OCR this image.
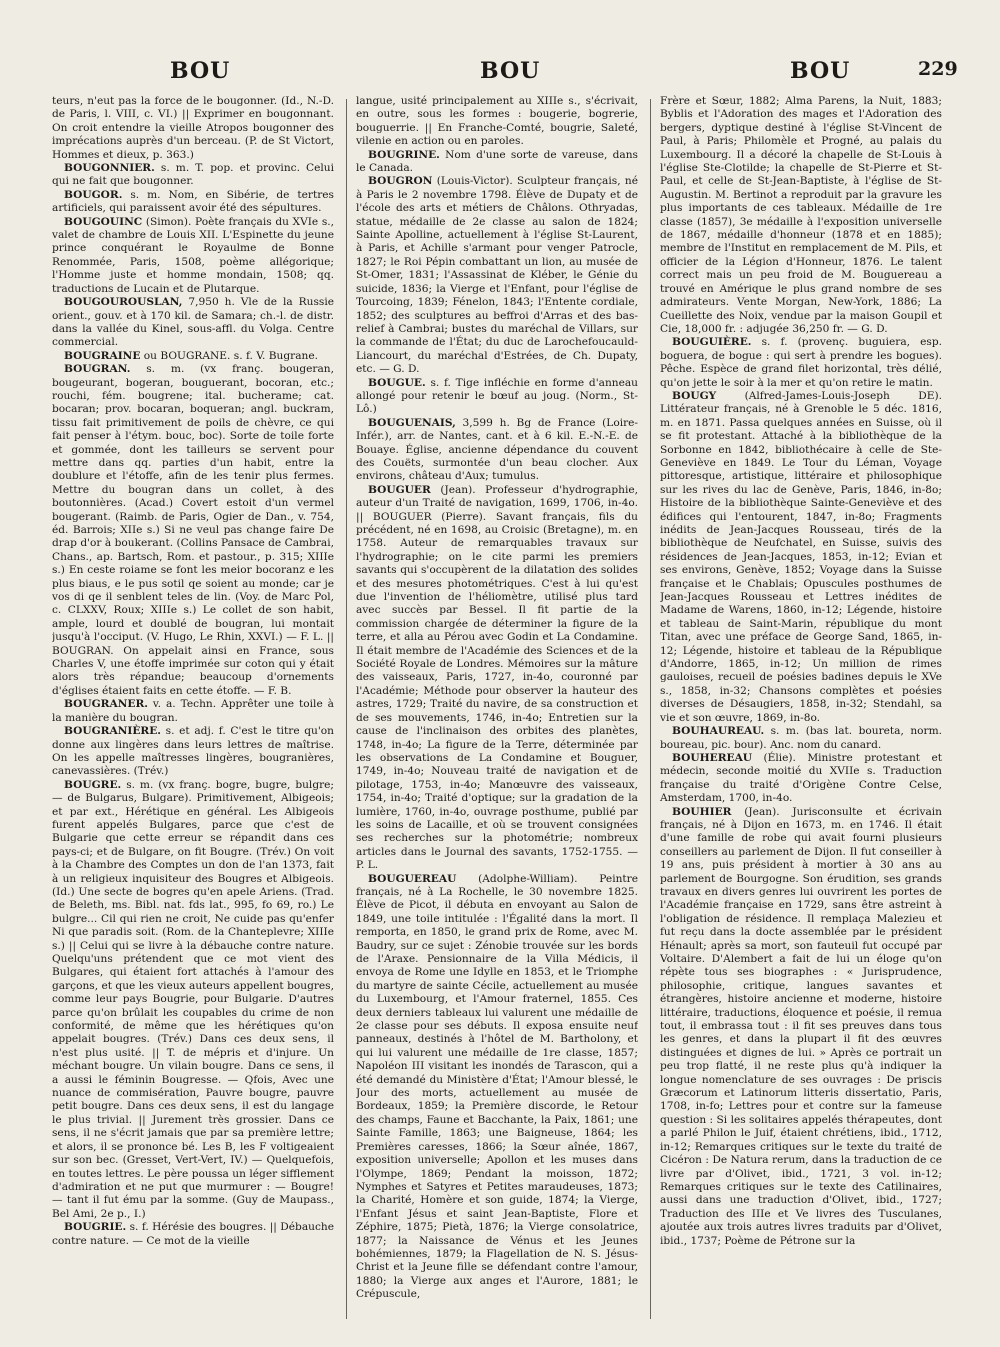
BOU	BOU	BOU	229

teurs, n'eut pas la force de le bougonner. (Id., N.-D. de Paris, l. VIII, c. VI.) || Exprimer en bougonnant. On croit entendre la vieille Atropos bougonner des imprécations auprès d'un berceau. (P. de St Victort, Hommes et dieux, p. 363.)

BOUGONNIER. s. m. T. pop. et provinc. Celui qui ne fait que bougonner.

BOUGOR. s. m. Nom, en Sibérie, de tertres artificiels, qui paraissent avoir été des sépultures.

BOUGOUINC (Simon). Poète français du XVIe s., valet de chambre de Louis XII. L'Espinette du jeune prince conquérant le Royaulme de Bonne Renommée, Paris, 1508, poème allégorique; l'Homme juste et homme mondain, 1508; qq. traductions de Lucain et de Plutarque.

BOUGOUROUSLAN, 7,950 h. Vle de la Russie orient., gouv. et à 170 kil. de Samara; ch.-l. de distr. dans la vallée du Kinel, sous-affl. du Volga. Centre commercial.

BOUGRAINE ou BOUGRANE. s. f. V. Bugrane.

BOUGRAN. s. m. (vx franç. bougeran, bougeurant, bogeran, bouguerant, bocoran, etc.; rouchi, fém. bougrene; ital. bucherame; cat. bocaran; prov. bocaran, boqueran; angl. buckram, tissu fait primitivement de poils de chèvre, ce qui fait penser à l'étym. bouc, boc). Sorte de toile forte et gommée, dont les tailleurs se servent pour mettre dans qq. parties d'un habit, entre la doublure et l'étoffe, afin de les tenir plus fermes. Mettre du bougran dans un collet, à des boutonnières. (Acad.) Covert estoit d'un vermel bougerant. (Raimb. de Paris, Ogier de Dan., v. 754, éd. Barrois; XIIe s.) Si ne veul pas change faire De drap d'or à boukerant. (Collins Pansace de Cambrai, Chans., ap. Bartsch, Rom. et pastour., p. 315; XIIIe s.) En ceste roiame se font les meior bocoranz e les plus biaus, e le pus sotil qe soient au monde; car je vos di qe il senblent teles de lin. (Voy. de Marc Pol, c. CLXXV, Roux; XIIIe s.) Le collet de son habit, ample, lourd et doublé de bougran, lui montait jusqu'à l'occiput. (V. Hugo, Le Rhin, XXVI.) — F. L. || BOUGRAN. On appelait ainsi en France, sous Charles V, une étoffe imprimée sur coton qui y était alors très répandue; beaucoup d'ornements d'églises étaient faits en cette étoffe. — F. B.

BOUGRANER. v. a. Techn. Apprêter une toile à la manière du bougran.

BOUGRANIÈRE. s. et adj. f. C'est le titre qu'on donne aux lingères dans leurs lettres de maîtrise. On les appelle maîtresses lingères, bougranières, canevassières. (Trév.)

BOUGRE. s. m. (vx franç. bogre, bugre, bulgre; — de Bulgarus, Bulgare). Primitivement, Albigeois; et par ext., Hérétique en général. Les Albigeois furent appelés Bulgares, parce que c'est de Bulgarie que cette erreur se répandit dans ces pays-ci; et de Bulgare, on fit Bougre. (Trév.) On voit à la Chambre des Comptes un don de l'an 1373, fait à un religieux inquisiteur des Bougres et Albigeois. (Id.) Une secte de bogres qu'en apele Ariens. (Trad. de Beleth, ms. Bibl. nat. fds lat., 995, fo 69, ro.) Le bulgre... Cil qui rien ne croit, Ne cuide pas qu'enfer Ni que paradis soit. (Rom. de la Chanteplevre; XIIIe s.) || Celui qui se livre à la débauche contre nature. Quelqu'uns prétendent que ce mot vient des Bulgares, qui étaient fort attachés à l'amour des garçons, et que les vieux auteurs appellent bougres, comme leur pays Bougrie, pour Bulgarie. D'autres parce qu'on brûlait les coupables du crime de non conformité, de même que les hérétiques qu'on appelait bougres. (Trév.) Dans ces deux sens, il n'est plus usité. || T. de mépris et d'injure. Un méchant bougre. Un vilain bougre. Dans ce sens, il a aussi le féminin Bougresse. — Qfois, Avec une nuance de commisération, Pauvre bougre, pauvre petit bougre. Dans ces deux sens, il est du langage le plus trivial. || Jurement très grossier. Dans ce sens, il ne s'écrit jamais que par sa première lettre; et alors, il se prononce bé. Les B, les F voltigeaient sur son bec. (Gresset, Vert-Vert, IV.) — Quelquefois, en toutes lettres. Le père poussa un léger sifflement d'admiration et ne put que murmurer : — Bougre! — tant il fut ému par la somme. (Guy de Maupass., Bel Ami, 2e p., I.)

BOUGRIE. s. f. Hérésie des bougres. || Débauche contre nature. — Ce mot de la vieille

langue, usité principalement au XIIIe s., s'écrivait, en outre, sous les formes : bougerie, bogrerie, bouguerrie. || En Franche-Comté, bougrie, Saleté, vilenie en action ou en paroles.

BOUGRINE. Nom d'une sorte de vareuse, dans le Canada.

BOUGRON (Louis-Victor). Sculpteur français, né à Paris le 2 novembre 1798. Élève de Dupaty et de l'école des arts et métiers de Châlons. Othryadas, statue, médaille de 2e classe au salon de 1824; Sainte Apolline, actuellement à l'église St-Laurent, à Paris, et Achille s'armant pour venger Patrocle, 1827; le Roi Pépin combattant un lion, au musée de St-Omer, 1831; l'Assassinat de Kléber, le Génie du suicide, 1836; la Vierge et l'Enfant, pour l'église de Tourcoing, 1839; Fénelon, 1843; l'Entente cordiale, 1852; des sculptures au beffroi d'Arras et des bas-relief à Cambrai; bustes du maréchal de Villars, sur la commande de l'État; du duc de Larochefoucauld-Liancourt, du maréchal d'Estrées, de Ch. Dupaty, etc. — G. D.

BOUGUE. s. f. Tige infléchie en forme d'anneau allongé pour retenir le bœuf au joug. (Norm., St-Lô.)

BOUGUENAIS, 3,599 h. Bg de France (Loire-Infér.), arr. de Nantes, cant. et à 6 kil. E.-N.-E. de Bouaye. Église, ancienne dépendance du couvent des Couëts, surmontée d'un beau clocher. Aux environs, château d'Aux; tumulus.

BOUGUER (Jean). Professeur d'hydrographie, auteur d'un Traité de navigation, 1699, 1706, in-4o. || BOUGUER (Pierre). Savant français, fils du précédent, né en 1698, au Croisic (Bretagne), m. en 1758. Auteur de remarquables travaux sur l'hydrographie; on le cite parmi les premiers savants qui s'occupèrent de la dilatation des solides et des mesures photométriques. C'est à lui qu'est due l'invention de l'héliomètre, utilisé plus tard avec succès par Bessel. Il fit partie de la commission chargée de déterminer la figure de la terre, et alla au Pérou avec Godin et La Condamine. Il était membre de l'Académie des Sciences et de la Société Royale de Londres. Mémoires sur la mâture des vaisseaux, Paris, 1727, in-4o, couronné par l'Académie; Méthode pour observer la hauteur des astres, 1729; Traité du navire, de sa construction et de ses mouvements, 1746, in-4o; Entretien sur la cause de l'inclinaison des orbites des planètes, 1748, in-4o; La figure de la Terre, déterminée par les observations de La Condamine et Bouguer, 1749, in-4o; Nouveau traité de navigation et de pilotage, 1753, in-4o; Manœuvre des vaisseaux, 1754, in-4o; Traité d'optique; sur la gradation de la lumière, 1760, in-4o, ouvrage posthume, publié par les soins de Lacaille, et où se trouvent consignées ses recherches sur la photométrie; nombreux articles dans le Journal des savants, 1752-1755. — P. L.

BOUGUEREAU (Adolphe-William). Peintre français, né à La Rochelle, le 30 novembre 1825. Élève de Picot, il débuta en envoyant au Salon de 1849, une toile intitulée : l'Égalité dans la mort. Il remporta, en 1850, le grand prix de Rome, avec M. Baudry, sur ce sujet : Zénobie trouvée sur les bords de l'Araxe. Pensionnaire de la Villa Médicis, il envoya de Rome une Idylle en 1853, et le Triomphe du martyre de sainte Cécile, actuellement au musée du Luxembourg, et l'Amour fraternel, 1855. Ces deux derniers tableaux lui valurent une médaille de 2e classe pour ses débuts. Il exposa ensuite neuf panneaux, destinés à l'hôtel de M. Bartholony, et qui lui valurent une médaille de 1re classe, 1857; Napoléon III visitant les inondés de Tarascon, qui a été demandé du Ministère d'État; l'Amour blessé, le Jour des morts, actuellement au musée de Bordeaux, 1859; la Première discorde, le Retour des champs, Faune et Bacchante, la Paix, 1861; une Sainte Famille, 1863; une Baigneuse, 1864; les Premières caresses, 1866; la Sœur aînée, 1867, exposition universelle; Apollon et les muses dans l'Olympe, 1869; Pendant la moisson, 1872; Nymphes et Satyres et Petites maraudeuses, 1873; la Charité, Homère et son guide, 1874; la Vierge, l'Enfant Jésus et saint Jean-Baptiste, Flore et Zéphire, 1875; Pietà, 1876; la Vierge consolatrice, 1877; la Naissance de Vénus et les Jeunes bohémiennes, 1879; la Flagellation de N. S. Jésus-Christ et la Jeune fille se défendant contre l'amour, 1880; la Vierge aux anges et l'Aurore, 1881; le Crépuscule,

Frère et Sœur, 1882; Alma Parens, la Nuit, 1883; Byblis et l'Adoration des mages et l'Adoration des bergers, dyptique destiné à l'église St-Vincent de Paul, à Paris; Philomèle et Progné, au palais du Luxembourg. Il a décoré la chapelle de St-Louis à l'église Ste-Clotilde; la chapelle de St-Pierre et St-Paul, et celle de St-Jean-Baptiste, à l'église de St-Augustin. M. Bertinot a reproduit par la gravure les plus importants de ces tableaux. Médaille de 1re classe (1857), 3e médaille à l'exposition universelle de 1867, médaille d'honneur (1878 et en 1885); membre de l'Institut en remplacement de M. Pils, et officier de la Légion d'Honneur, 1876. Le talent correct mais un peu froid de M. Bouguereau a trouvé en Amérique le plus grand nombre de ses admirateurs. Vente Morgan, New-York, 1886; La Cueillette des Noix, vendue par la maison Goupil et Cie, 18,000 fr. : adjugée 36,250 fr. — G. D.

BOUGUIÈRE. s. f. (provenç. buguiera, esp. boguera, de bogue : qui sert à prendre les bogues). Pêche. Espèce de grand filet horizontal, très délié, qu'on jette le soir à la mer et qu'on retire le matin.

BOUGY	(Alfred-James-Louis-Joseph DE). Littérateur français, né à Grenoble le 5 déc. 1816, m. en 1871. Passa quelques années en Suisse, où il se fit protestant. Attaché à la bibliothèque de la Sorbonne en 1842, bibliothécaire à celle de Ste-Geneviève en 1849. Le Tour du Léman, Voyage pittoresque, artistique, littéraire et philosophique sur les rives du lac de Genève, Paris, 1846, in-8o; Histoire de la bibliothèque Sainte-Geneviève et des édifices qui l'entourent, 1847, in-8o; Fragments inédits de Jean-Jacques Rousseau, tirés de la bibliothèque de Neufchatel, en Suisse, suivis des résidences de Jean-Jacques, 1853, in-12; Evian et ses environs, Genève, 1852; Voyage dans la Suisse française et le Chablais; Opuscules posthumes de Jean-Jacques Rousseau et Lettres inédites de Madame de Warens, 1860, in-12; Légende, histoire et tableau de Saint-Marin, république du mont Titan, avec une préface de George Sand, 1865, in-12; Légende, histoire et tableau de la République d'Andorre, 1865, in-12; Un million de rimes gauloises, recueil de poésies badines depuis le XVe s., 1858, in-32; Chansons complètes et poésies diverses de Désaugiers, 1858, in-32; Stendahl, sa vie et son œuvre, 1869, in-8o.

BOUHAUREAU. s. m. (bas lat. boureta, norm. boureau, pic. bour). Anc. nom du canard.

BOUHEREAU (Élie). Ministre protestant et médecin, seconde moitié du XVIIe s. Traduction française du traité d'Origène Contre Celse, Amsterdam, 1700, in-4o.

BOUHIER (Jean). Jurisconsulte et écrivain français, né à Dijon en 1673, m. en 1746. Il était d'une famille de robe qui avait fourni plusieurs conseillers au parlement de Dijon. Il fut conseiller à 19 ans, puis président à mortier à 30 ans au parlement de Bourgogne. Son érudition, ses grands travaux en divers genres lui ouvrirent les portes de l'Académie française en 1729, sans être astreint à l'obligation de résidence. Il remplaça Malezieu et fut reçu dans la docte assemblée par le président Hénault; après sa mort, son fauteuil fut occupé par Voltaire. D'Alembert a fait de lui un éloge qu'on répète tous ses biographes : « Jurisprudence, philosophie, critique, langues savantes et étrangères, histoire ancienne et moderne, histoire littéraire, traductions, éloquence et poésie, il remua tout, il embrassa tout : il fit ses preuves dans tous les genres, et dans la plupart il fit des œuvres distinguées et dignes de lui. » Après ce portrait un peu trop flatté, il ne reste plus qu'à indiquer la longue nomenclature de ses ouvrages : De priscis Græcorum et Latinorum litteris dissertatio, Paris, 1708, in-fo; Lettres pour et contre sur la fameuse question : Si les solitaires appelés thérapeutes, dont a parlé Philon le Juif, étaient chrétiens, ibid., 1712, in-12; Remarques critiques sur le texte du traité de Cicéron : De Natura rerum, dans la traduction de ce livre par d'Olivet, ibid., 1721, 3 vol. in-12; Remarques critiques sur le texte des Catilinaires, aussi dans une traduction d'Olivet, ibid., 1727; Traduction des IIIe et Ve livres des Tusculanes, ajoutée aux trois autres livres traduits par d'Olivet, ibid., 1737; Poème de Pétrone sur la
